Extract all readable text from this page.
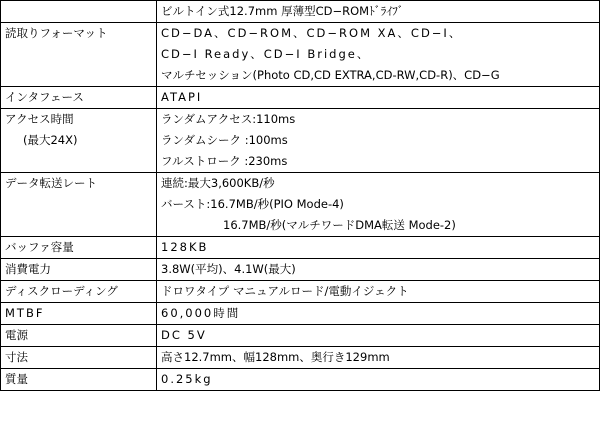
	ビルトイン式12.7mm 厚薄型CD−ROMﾄﾞﾗｲﾌﾞ
読取りフォーマット	CD−DA、CD−ROM、CD−ROM XA、CD−I、
CD−I Ready、CD−I Bridge、
マルチセッション(Photo CD,CD EXTRA,CD-RW,CD-R)、CD−G

インタフェース	ATAPI

アクセス時間
(最大24X)	ランダムアクセス:110ms
ランダムシーク :100ms
フルストローク :230ms

データ転送レート	連続:最大3,600KB/秒
バースト:16.7MB/秒(PIO Mode-4)
16.7MB/秒(マルチワードDMA転送 Mode-2)

バッファ容量	128KB
消費電力	3.8W(平均)、4.1W(最大)
ディスクローディング	ドロワタイプ マニュアルロード/電動イジェクト
MTBF	60,000時間
電源	DC 5V
寸法	高さ12.7mm、幅128mm、奥行き129mm
質量	0.25kg
